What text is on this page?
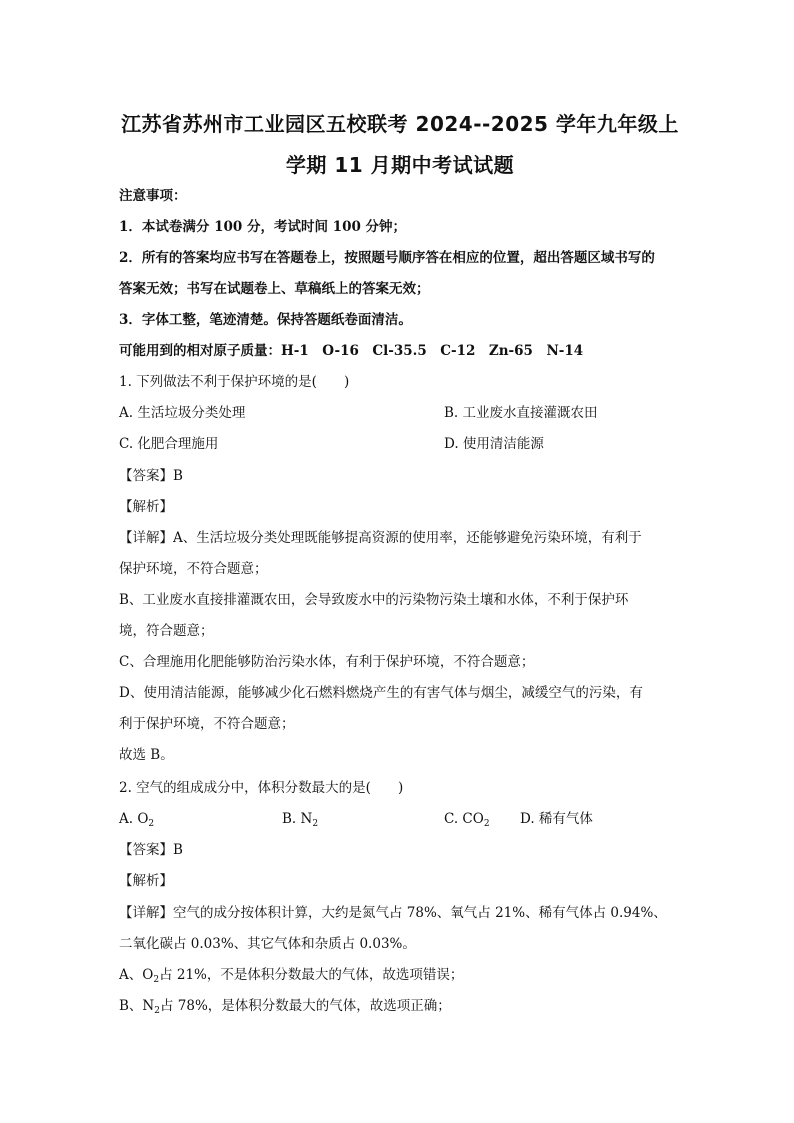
江苏省苏州市工业园区五校联考 2024--2025 学年九年级上
学期 11 月期中考试试题
注意事项：
1．本试卷满分 100 分，考试时间 100 分钟；
2．所有的答案均应书写在答题卷上，按照题号顺序答在相应的位置，超出答题区域书写的
答案无效；书写在试题卷上、草稿纸上的答案无效；
3．字体工整，笔迹清楚。保持答题纸卷面清洁。
可能用到的相对原子质量：H-1　O-16　Cl-35.5　C-12　Zn-65　N-14
1. 下列做法不利于保护环境的是(　　)
A. 生活垃圾分类处理	B. 工业废水直接灌溉农田
C. 化肥合理施用	D. 使用清洁能源
【答案】B
【解析】
【详解】A、生活垃圾分类处理既能够提高资源的使用率，还能够避免污染环境，有利于
保护环境，不符合题意；
B、工业废水直接排灌溉农田，会导致废水中的污染物污染土壤和水体，不利于保护环
境，符合题意；
C、合理施用化肥能够防治污染水体，有利于保护环境，不符合题意；
D、使用清洁能源，能够减少化石燃料燃烧产生的有害气体与烟尘，减缓空气的污染，有
利于保护环境，不符合题意；
故选 B。
2. 空气的组成成分中，体积分数最大的是(　　)
A. $O_2$	B. $N_2$	C. $CO_2$ D. 稀有气体
【答案】B
【解析】
【详解】空气的成分按体积计算，大约是氮气占 78%、氧气占 21%、稀有气体占 0.94%、
二氧化碳占 0.03%、其它气体和杂质占 0.03%。
A、$O_2$占 21%，不是体积分数最大的气体，故选项错误；
B、$N_2$占 78%，是体积分数最大的气体，故选项正确；
